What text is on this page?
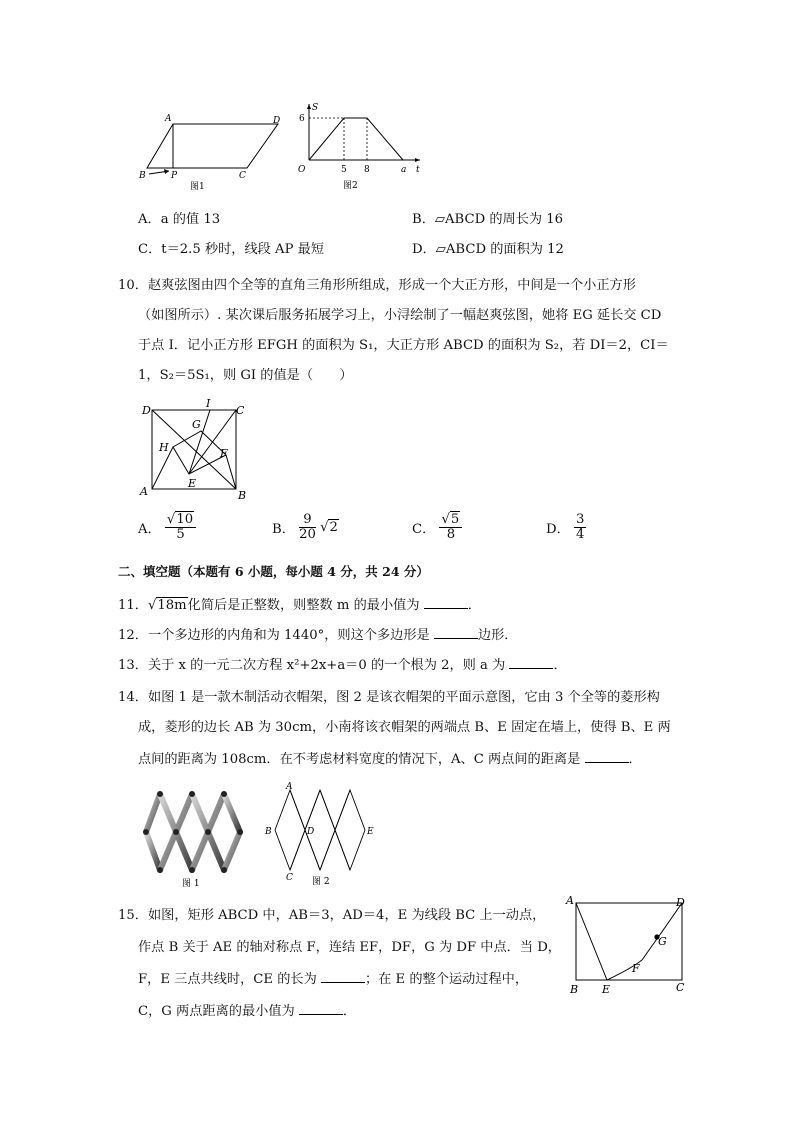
A	D
B	P	C
图1
S
6
O	5 8	a t
图2
A．a 的值 13	B．▱ABCD 的周长为 16
C．t＝2.5 秒时，线段 AP 最短	D．▱ABCD 的面积为 12
10．赵爽弦图由四个全等的直角三角形所组成，形成一个大正方形，中间是一个小正方形
（如图所示）. 某次课后服务拓展学习上，小浔绘制了一幅赵爽弦图，她将 EG 延长交 CD
于点 I．记小正方形 EFGH 的面积为 S₁，大正方形 ABCD 的面积为 S₂，若 DI＝2，CI＝
1，S₂＝5S₁，则 GI 的值是（　　）
D
I
C
G
H	F
A
E
B
A． $\frac{√10}{5}$	B． $\frac{9}{20} √2$	C． $\frac{√5}{8}$	D． $\frac{3}{4}$
二、填空题（本题有 6 小题，每小题 4 分，共 24 分）
11．√18m化简后是正整数，则整数 m 的最小值为	．
12．一个多边形的内角和为 1440°，则这个多边形是	边形．
13．关于 x 的一元二次方程 x²+2x+a＝0 的一个根为 2，则 a 为	．
14．如图 1 是一款木制活动衣帽架，图 2 是该衣帽架的平面示意图，它由 3 个全等的菱形构
成，菱形的边长 AB 为 30cm，小南将该衣帽架的两端点 B、E 固定在墙上，使得 B、E 两
点间的距离为 108cm．在不考虑材料宽度的情况下，A、C 两点间的距离是	．
图 1
A
B	D	E
C 图 2
15．如图，矩形 ABCD 中，AB＝3，AD＝4，E 为线段 BC 上一动点，
作点 B 关于 AE 的轴对称点 F，连结 EF，DF，G 为 DF 中点．当 D，
F，E 三点共线时，CE 的长为	；在 E 的整个运动过程中，
C，G 两点距离的最小值为	．
A	D
G
F
B E	C
